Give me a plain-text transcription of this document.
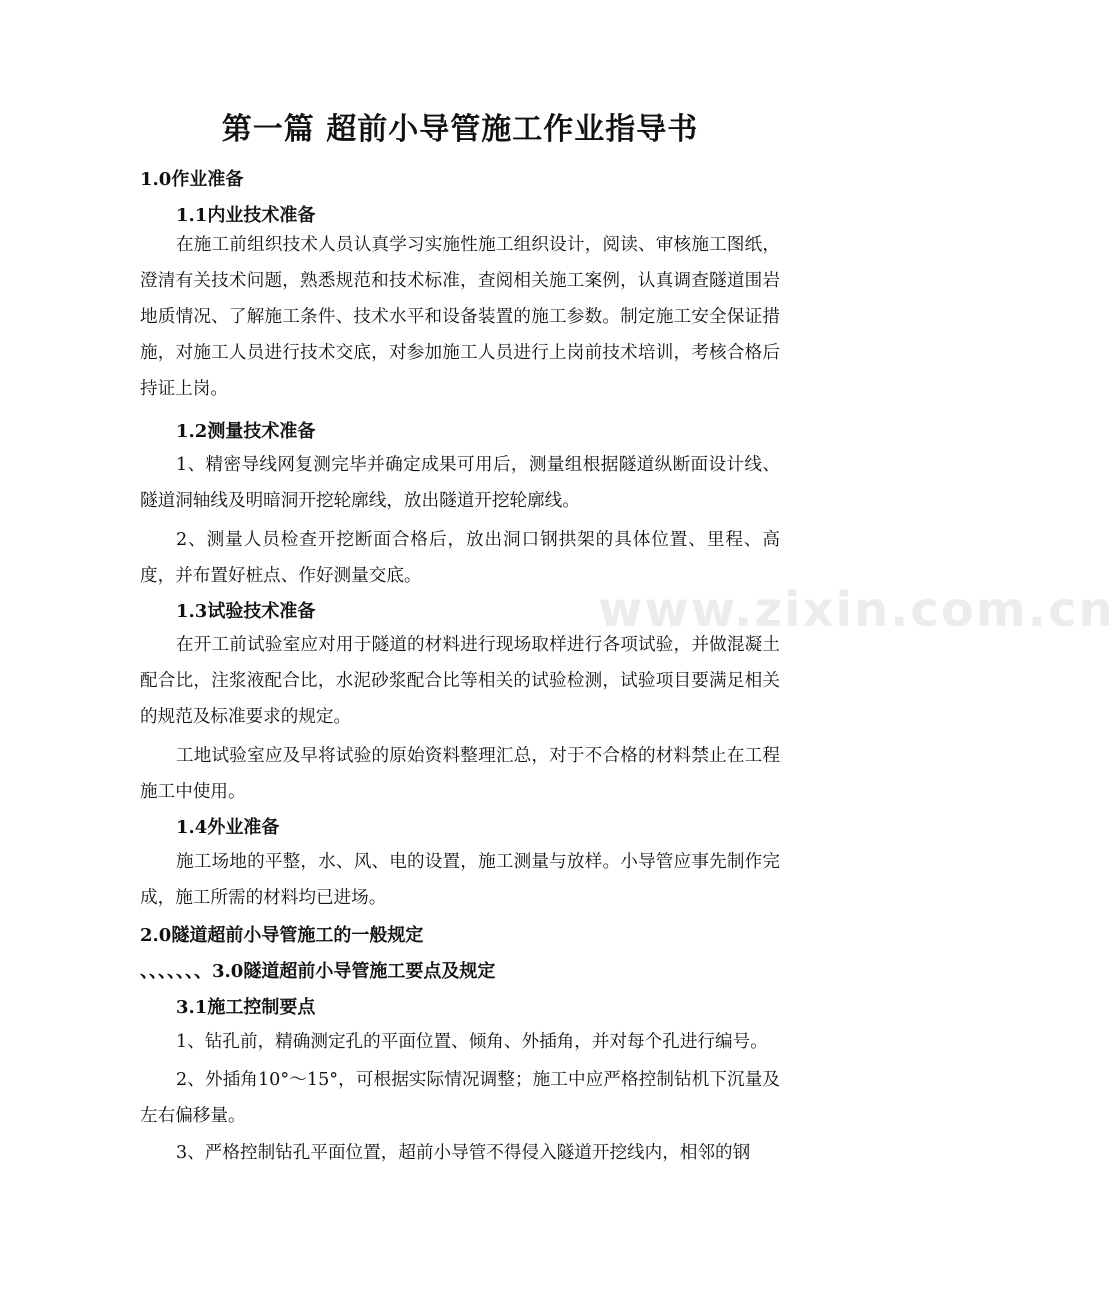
www.zixin.com.cn
第一篇 超前小导管施工作业指导书
1.0作业准备
1.1内业技术准备

在施工前组织技术人员认真学习实施性施工组织设计，阅读、审核施工图纸，澄清有关技术问题，熟悉规范和技术标准，查阅相关施工案例，认真调查隧道围岩地质情况、了解施工条件、技术水平和设备装置的施工参数。制定施工安全保证措施，对施工人员进行技术交底，对参加施工人员进行上岗前技术培训，考核合格后持证上岗。

1.2测量技术准备

1、精密导线网复测完毕并确定成果可用后，测量组根据隧道纵断面设计线、隧道洞轴线及明暗洞开挖轮廓线，放出隧道开挖轮廓线。

2、测量人员检查开挖断面合格后，放出洞口钢拱架的具体位置、里程、高度，并布置好桩点、作好测量交底。

1.3试验技术准备

在开工前试验室应对用于隧道的材料进行现场取样进行各项试验，并做混凝土配合比，注浆液配合比，水泥砂浆配合比等相关的试验检测，试验项目要满足相关的规范及标准要求的规定。

工地试验室应及早将试验的原始资料整理汇总，对于不合格的材料禁止在工程施工中使用。

1.4外业准备

施工场地的平整，水、风、电的设置，施工测量与放样。小导管应事先制作完成，施工所需的材料均已进场。

2.0隧道超前小导管施工的一般规定
、、、、、、、3.0隧道超前小导管施工要点及规定
3.1施工控制要点

1、钻孔前，精确测定孔的平面位置、倾角、外插角，并对每个孔进行编号。

2、外插角10°～15°，可根据实际情况调整；施工中应严格控制钻机下沉量及左右偏移量。

3、严格控制钻孔平面位置，超前小导管不得侵入隧道开挖线内，相邻的钢
